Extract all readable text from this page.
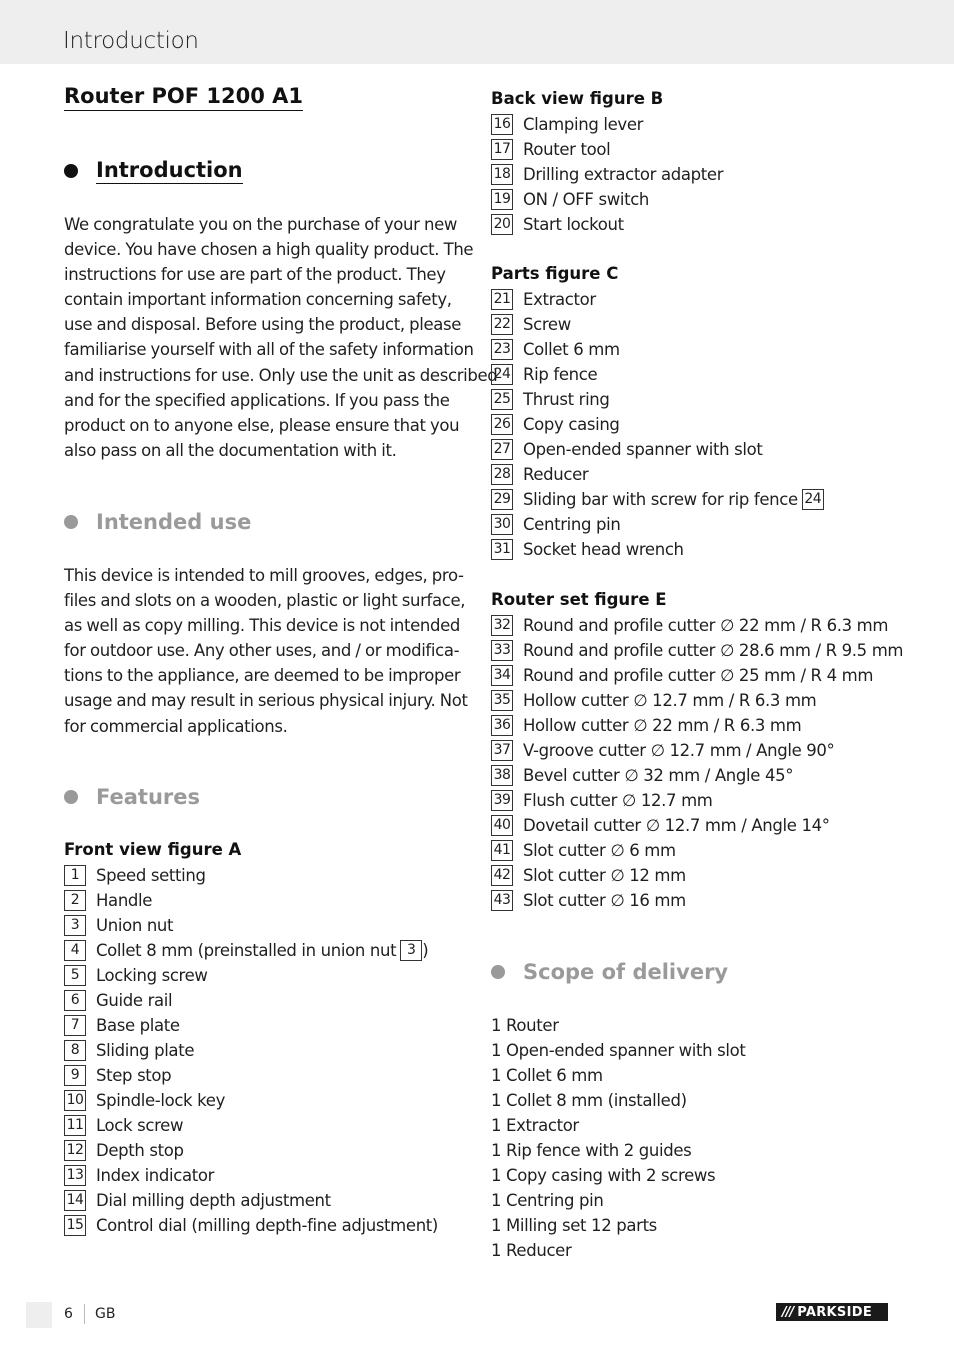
Introduction
Router POF 1200 A1
Introduction
We congratulate you on the purchase of your new
device. You have chosen a high quality product. The
instructions for use are part of the product. They
contain important information concerning safety,
use and disposal. Before using the product, please
familiarise yourself with all of the safety information
and instructions for use. Only use the unit as described
and for the specified applications. If you pass the
product on to anyone else, please ensure that you
also pass on all the documentation with it.
Intended use
This device is intended to mill grooves, edges, pro-
files and slots on a wooden, plastic or light surface,
as well as copy milling. This device is not intended
for outdoor use. Any other uses, and / or modifica-
tions to the appliance, are deemed to be improper
usage and may result in serious physical injury. Not
for commercial applications.
Features
Front view figure A
1	Speed setting
2	Handle
3	Union nut
4	Collet 8 mm (preinstalled in union nut 3 )
5	Locking screw
6	Guide rail
7	Base plate
8	Sliding plate
9	Step stop
10 Spindle-lock key
11 Lock screw
12 Depth stop
13 Index indicator
14 Dial milling depth adjustment
15 Control dial (milling depth-fine adjustment)
Back view figure B
16 Clamping lever
17 Router tool
18 Drilling extractor adapter
19 ON / OFF switch
20 Start lockout
Parts figure C
21 Extractor
22 Screw
23 Collet 6 mm
24 Rip fence
25 Thrust ring
26 Copy casing
27 Open-ended spanner with slot
28 Reducer
29 Sliding bar with screw for rip fence 24
30 Centring pin
31 Socket head wrench
Router set figure E
32 Round and profile cutter ∅ 22 mm / R 6.3 mm
33 Round and profile cutter ∅ 28.6 mm / R 9.5 mm
34 Round and profile cutter ∅ 25 mm / R 4 mm
35 Hollow cutter ∅ 12.7 mm / R 6.3 mm
36 Hollow cutter ∅ 22 mm / R 6.3 mm
37 V-groove cutter ∅ 12.7 mm / Angle 90°
38 Bevel cutter ∅ 32 mm / Angle 45°
39 Flush cutter ∅ 12.7 mm
40 Dovetail cutter ∅ 12.7 mm / Angle 14°
41 Slot cutter ∅ 6 mm
42 Slot cutter ∅ 12 mm
43 Slot cutter ∅ 16 mm
Scope of delivery
1 Router
1 Open-ended spanner with slot
1 Collet 6 mm
1 Collet 8 mm (installed)
1 Extractor
1 Rip fence with 2 guides
1 Copy casing with 2 screws
1 Centring pin
1 Milling set 12 parts
1 Reducer
6 GB	/// PARKSIDE
